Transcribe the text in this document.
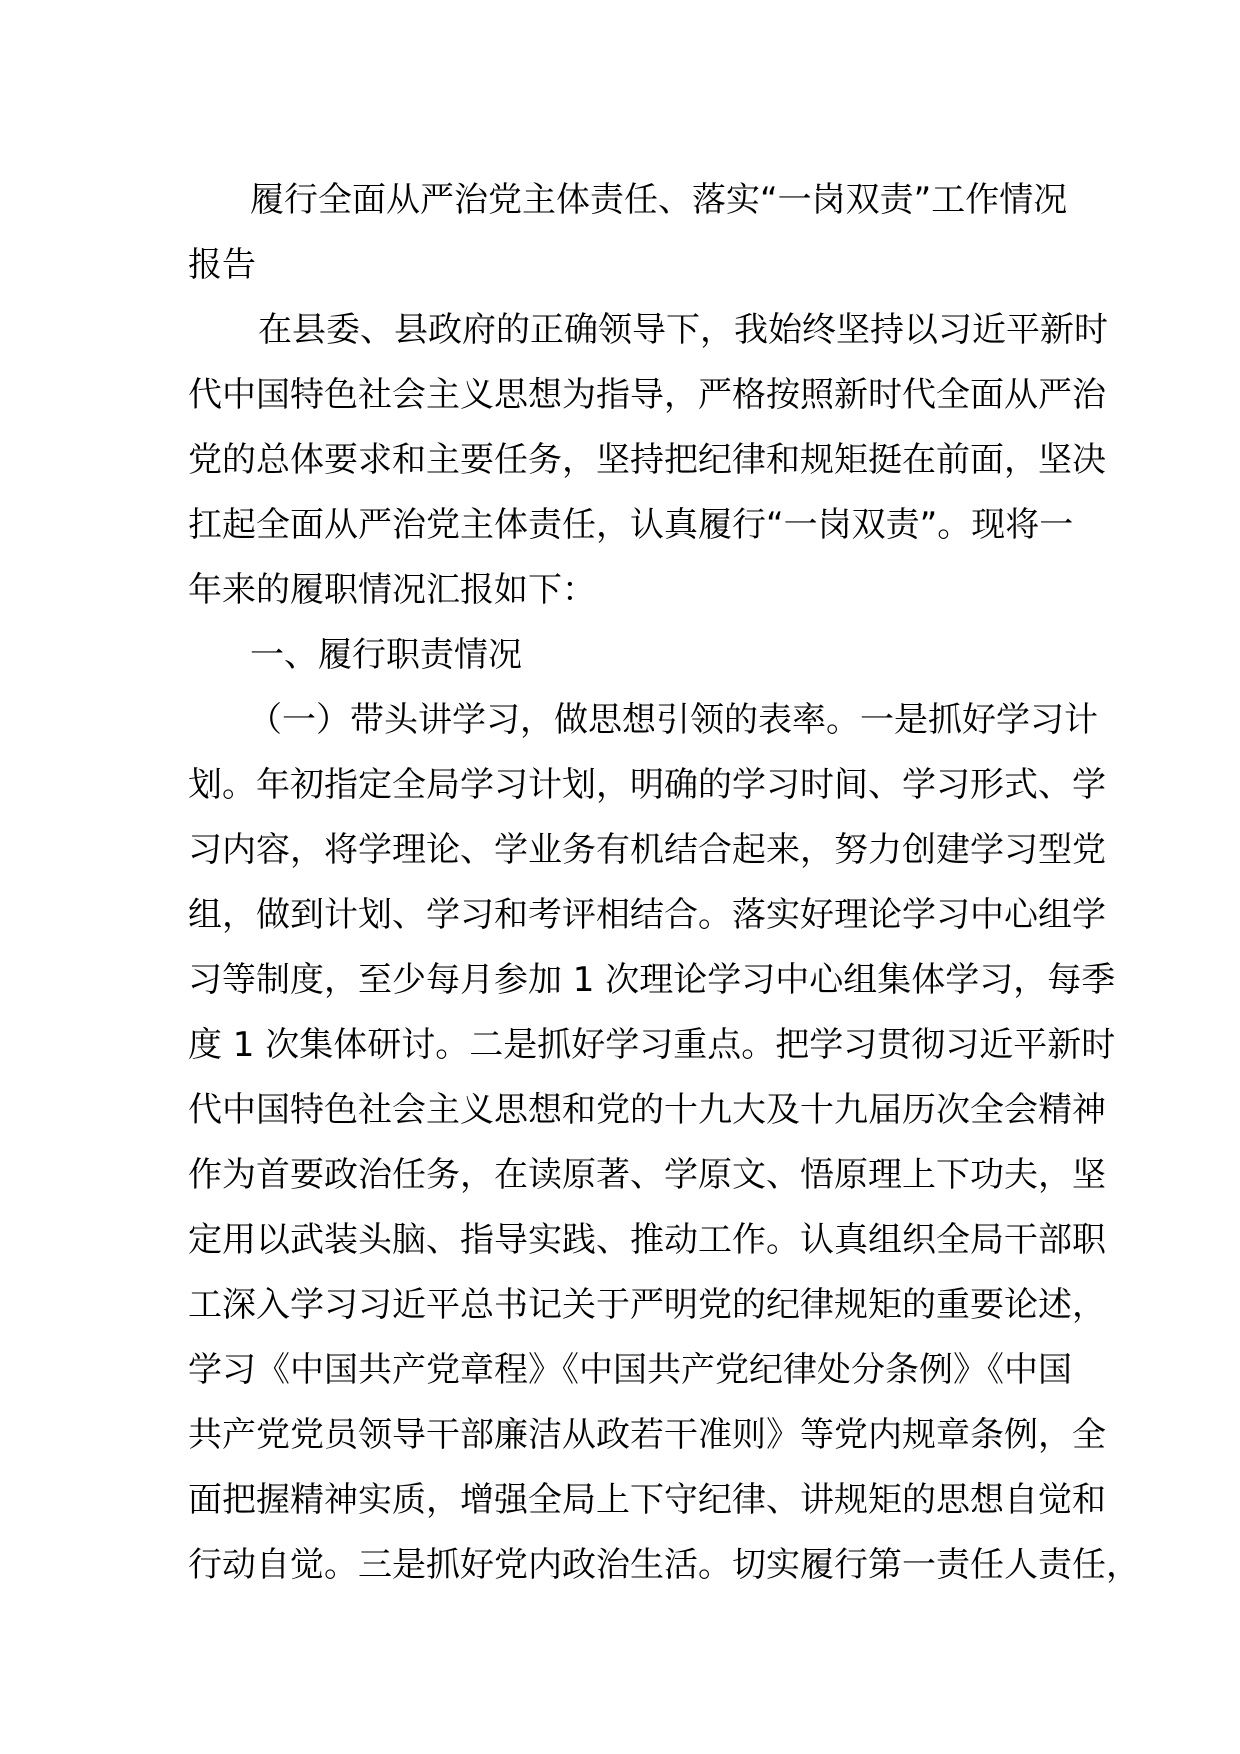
履行全面从严治党主体责任、落实“一岗双责”工作情况
报告
在县委、县政府的正确领导下，我始终坚持以习近平新时
代中国特色社会主义思想为指导，严格按照新时代全面从严治
党的总体要求和主要任务，坚持把纪律和规矩挺在前面，坚决
扛起全面从严治党主体责任，认真履行“一岗双责”。现将一
年来的履职情况汇报如下：
一、履行职责情况
（一）带头讲学习，做思想引领的表率。一是抓好学习计
划。年初指定全局学习计划，明确的学习时间、学习形式、学
习内容，将学理论、学业务有机结合起来，努力创建学习型党
组，做到计划、学习和考评相结合。落实好理论学习中心组学
习等制度，至少每月参加 1 次理论学习中心组集体学习，每季
度 1 次集体研讨。二是抓好学习重点。把学习贯彻习近平新时
代中国特色社会主义思想和党的十九大及十九届历次全会精神
作为首要政治任务，在读原著、学原文、悟原理上下功夫，坚
定用以武装头脑、指导实践、推动工作。认真组织全局干部职
工深入学习习近平总书记关于严明党的纪律规矩的重要论述，
学习《中国共产党章程》《中国共产党纪律处分条例》《中国
共产党党员领导干部廉洁从政若干准则》等党内规章条例，全
面把握精神实质，增强全局上下守纪律、讲规矩的思想自觉和
行动自觉。三是抓好党内政治生活。切实履行第一责任人责任，
